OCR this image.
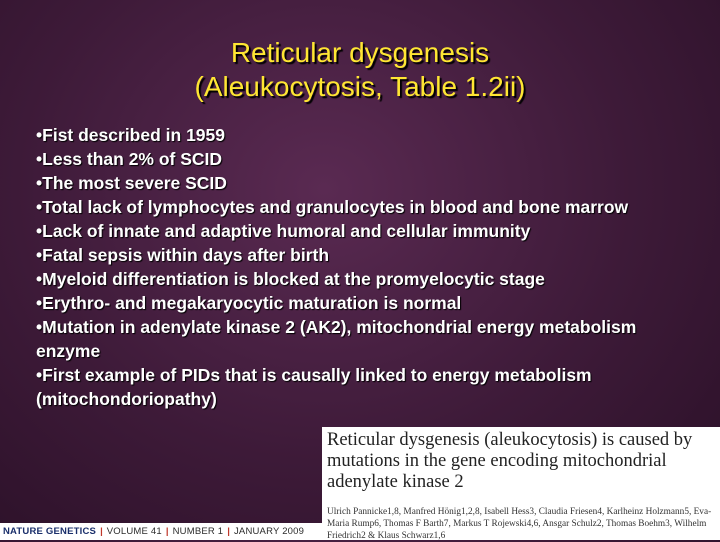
Reticular dysgenesis
(Aleukocytosis, Table 1.2ii)
• Fist described in 1959
• Less than 2% of SCID
• The most severe SCID
• Total lack of lymphocytes and granulocytes in blood and bone marrow
• Lack of innate and adaptive humoral and cellular immunity
• Fatal sepsis within days after birth
• Myeloid differentiation is blocked at the promyelocytic stage
• Erythro- and megakaryocytic maturation is normal
• Mutation in adenylate kinase 2 (AK2), mitochondrial energy metabolism enzyme
• First example of PIDs that is causally linked to energy metabolism (mitochondoriopathy)
Reticular dysgenesis (aleukocytosis) is caused by mutations in the gene encoding mitochondrial adenylate kinase 2
Ulrich Pannicke1,8, Manfred Hönig1,2,8, Isabell Hess3, Claudia Friesen4, Karlheinz Holzmann5, Eva-Maria Rump6, Thomas F Barth7, Markus T Rojewski4,6, Ansgar Schulz2, Thomas Boehm3, Wilhelm Friedrich2 & Klaus Schwarz1,6
NATURE GENETICS | VOLUME 41 | NUMBER 1 | JANUARY 2009
